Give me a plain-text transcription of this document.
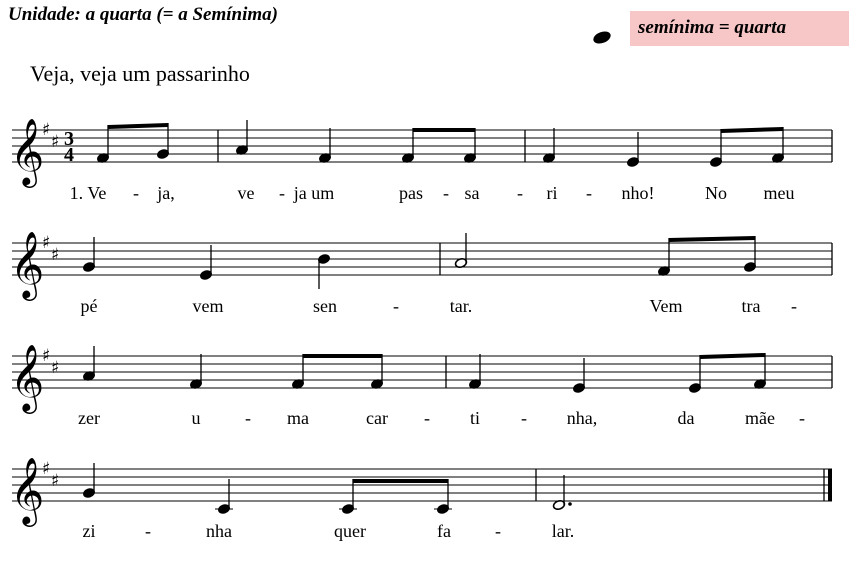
Unidade: a quarta (= a Semínima)
semínima = quarta
Veja, veja um passarinho
𝄞
♯
♯ 3
4
1. Ve - ja,	ve - ja um	pas - sa - ri - nho!	No meu
𝄞
♯
♯
pé	vem	sen	-	tar.	Vem	tra -
𝄞
♯
♯
zer	u - ma	car - ti - nha,	da	mãe -
𝄞
♯
♯
zi	-	nha	quer	fa -	lar.
